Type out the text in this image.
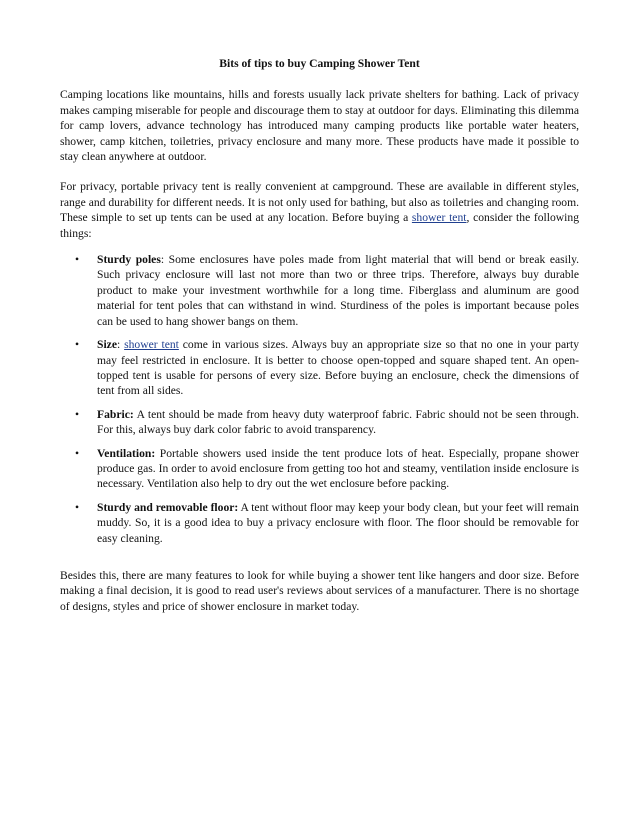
Bits of tips to buy Camping Shower Tent

Camping locations like mountains, hills and forests usually lack private shelters for bathing. Lack of privacy makes camping miserable for people and discourage them to stay at outdoor for days. Eliminating this dilemma for camp lovers, advance technology has introduced many camping products like portable water heaters, shower, camp kitchen, toiletries, privacy enclosure and many more. These products have made it possible to stay clean anywhere at outdoor.

For privacy, portable privacy tent is really convenient at campground. These are available in different styles, range and durability for different needs. It is not only used for bathing, but also as toiletries and changing room. These simple to set up tents can be used at any location. Before buying a shower tent, consider the following things:

• Sturdy poles: Some enclosures have poles made from light material that will bend or break easily. Such privacy enclosure will last not more than two or three trips. Therefore, always buy durable product to make your investment worthwhile for a long time. Fiberglass and aluminum are good material for tent poles that can withstand in wind. Sturdiness of the poles is important because poles can be used to hang shower bangs on them.
• Size: shower tent come in various sizes. Always buy an appropriate size so that no one in your party may feel restricted in enclosure. It is better to choose open-topped and square shaped tent. An open-topped tent is usable for persons of every size. Before buying an enclosure, check the dimensions of tent from all sides.
• Fabric: A tent should be made from heavy duty waterproof fabric. Fabric should not be seen through. For this, always buy dark color fabric to avoid transparency.
• Ventilation: Portable showers used inside the tent produce lots of heat. Especially, propane shower produce gas. In order to avoid enclosure from getting too hot and steamy, ventilation inside enclosure is necessary. Ventilation also help to dry out the wet enclosure before packing.
• Sturdy and removable floor: A tent without floor may keep your body clean, but your feet will remain muddy. So, it is a good idea to buy a privacy enclosure with floor. The floor should be removable for easy cleaning.

Besides this, there are many features to look for while buying a shower tent like hangers and door size. Before making a final decision, it is good to read user's reviews about services of a manufacturer. There is no shortage of designs, styles and price of shower enclosure in market today.
